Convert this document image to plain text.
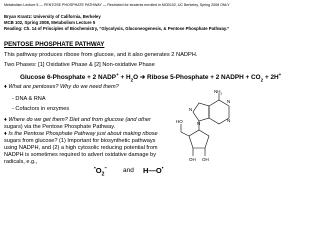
Metabolism Lecture 5 — PENTOSE PHOSPHATE PATHWAY — Restricted for students enrolled in MCB102, UC Berkeley, Spring 2008 ONLY
Bryan Krantz: University of California, Berkeley
MCB 102, Spring 2008, Metabolism Lecture 5
Reading: Ch. 14 of Principles of Biochemistry, “Glycolysis, Gluconeogenesis, & Pentose Phosphate Pathway.”
PENTOSE PHOSPHATE PATHWAY
This pathway produces ribose from glucose, and it also generates 2 NADPH.
Two Phases: [1] Oxidative Phase & [2] Non-oxidative Phase
Glucose 6-Phosphate + 2 NADP+ + $H_2O$ ➔ Ribose 5-Phosphate + 2 NADPH + $CO_2 + 2H^+$
♦ What are pentoses? Why do we need them?
- DNA & RNA
- Cofactors in enzymes
♦ Where do we get them? Diet and from glucose (and other
sugars) via the Pentose Phosphate Pathway.
♦ Is the Pentose Phosphate Pathway just about making ribose
sugars from glucose? (1) Important for biosynthetic pathways
using NADPH, and (2) a high cytosolic reducing potential from
NADPH is sometimes required to advert oxidative damage by
radicals, e.g.,
$^•O_2^-$ and H—O•
N
N
N
N
$NH_2$
HO
OH OH
